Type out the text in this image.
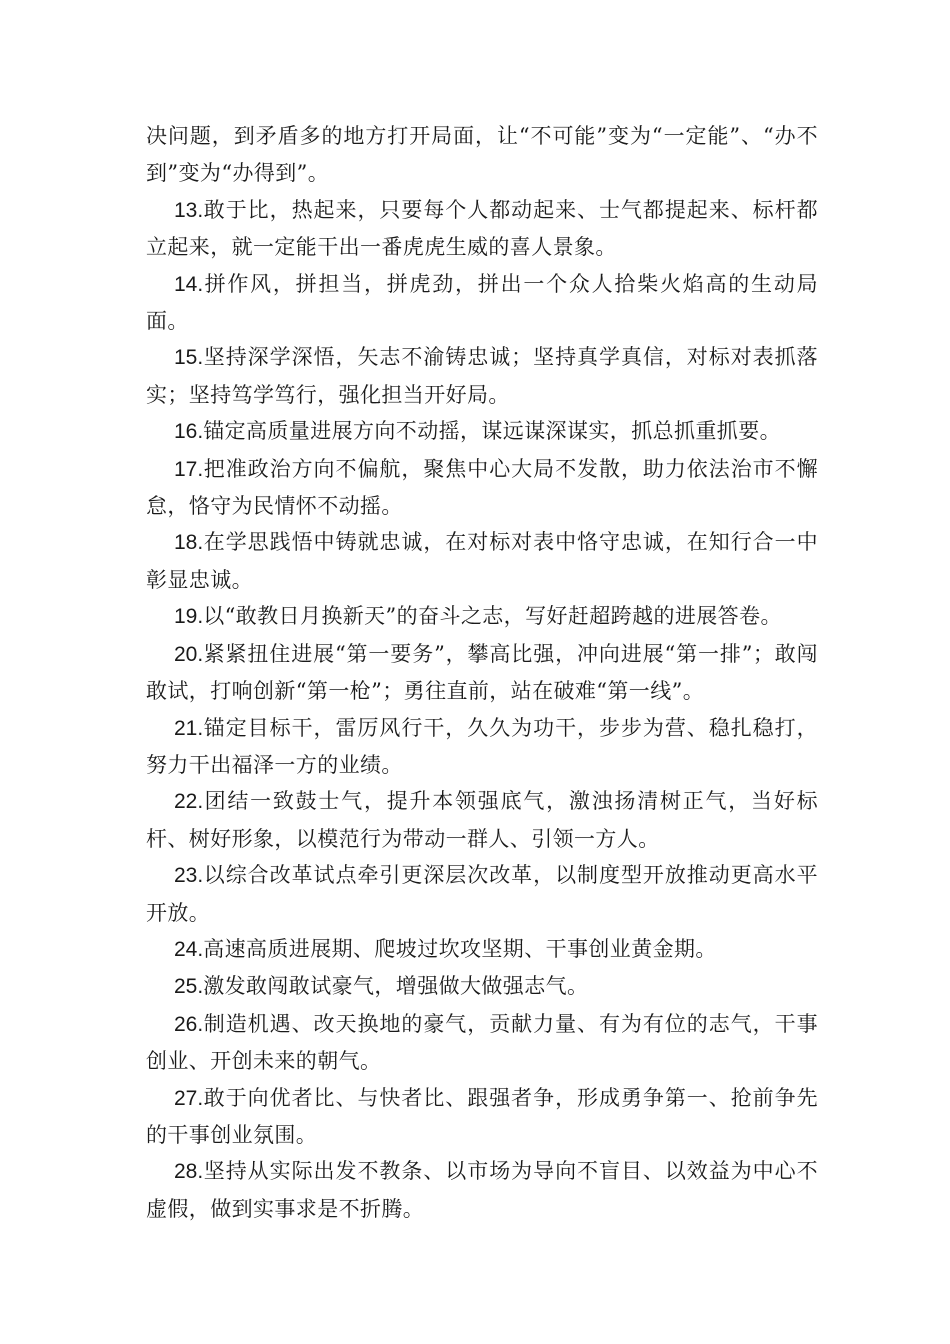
决问题，到矛盾多的地方打开局面，让“不可能”变为“一定能”、“办不到”变为“办得到”。

13.敢于比，热起来，只要每个人都动起来、士气都提起来、标杆都立起来，就一定能干出一番虎虎生威的喜人景象。

14.拼作风，拼担当，拼虎劲，拼出一个众人拾柴火焰高的生动局面。

15.坚持深学深悟，矢志不渝铸忠诚；坚持真学真信，对标对表抓落实；坚持笃学笃行，强化担当开好局。

16.锚定高质量进展方向不动摇，谋远谋深谋实，抓总抓重抓要。

17.把准政治方向不偏航，聚焦中心大局不发散，助力依法治市不懈怠，恪守为民情怀不动摇。

18.在学思践悟中铸就忠诚，在对标对表中恪守忠诚，在知行合一中彰显忠诚。

19.以“敢教日月换新天”的奋斗之志，写好赶超跨越的进展答卷。

20.紧紧扭住进展“第一要务”，攀高比强，冲向进展“第一排”；敢闯敢试，打响创新“第一枪”；勇往直前，站在破难“第一线”。

21.锚定目标干，雷厉风行干，久久为功干，步步为营、稳扎稳打，努力干出福泽一方的业绩。

22.团结一致鼓士气，提升本领强底气，激浊扬清树正气，当好标杆、树好形象，以模范行为带动一群人、引领一方人。

23.以综合改革试点牵引更深层次改革，以制度型开放推动更高水平开放。

24.高速高质进展期、爬坡过坎攻坚期、干事创业黄金期。

25.激发敢闯敢试豪气，增强做大做强志气。

26.制造机遇、改天换地的豪气，贡献力量、有为有位的志气，干事创业、开创未来的朝气。

27.敢于向优者比、与快者比、跟强者争，形成勇争第一、抢前争先的干事创业氛围。

28.坚持从实际出发不教条、以市场为导向不盲目、以效益为中心不虚假，做到实事求是不折腾。
